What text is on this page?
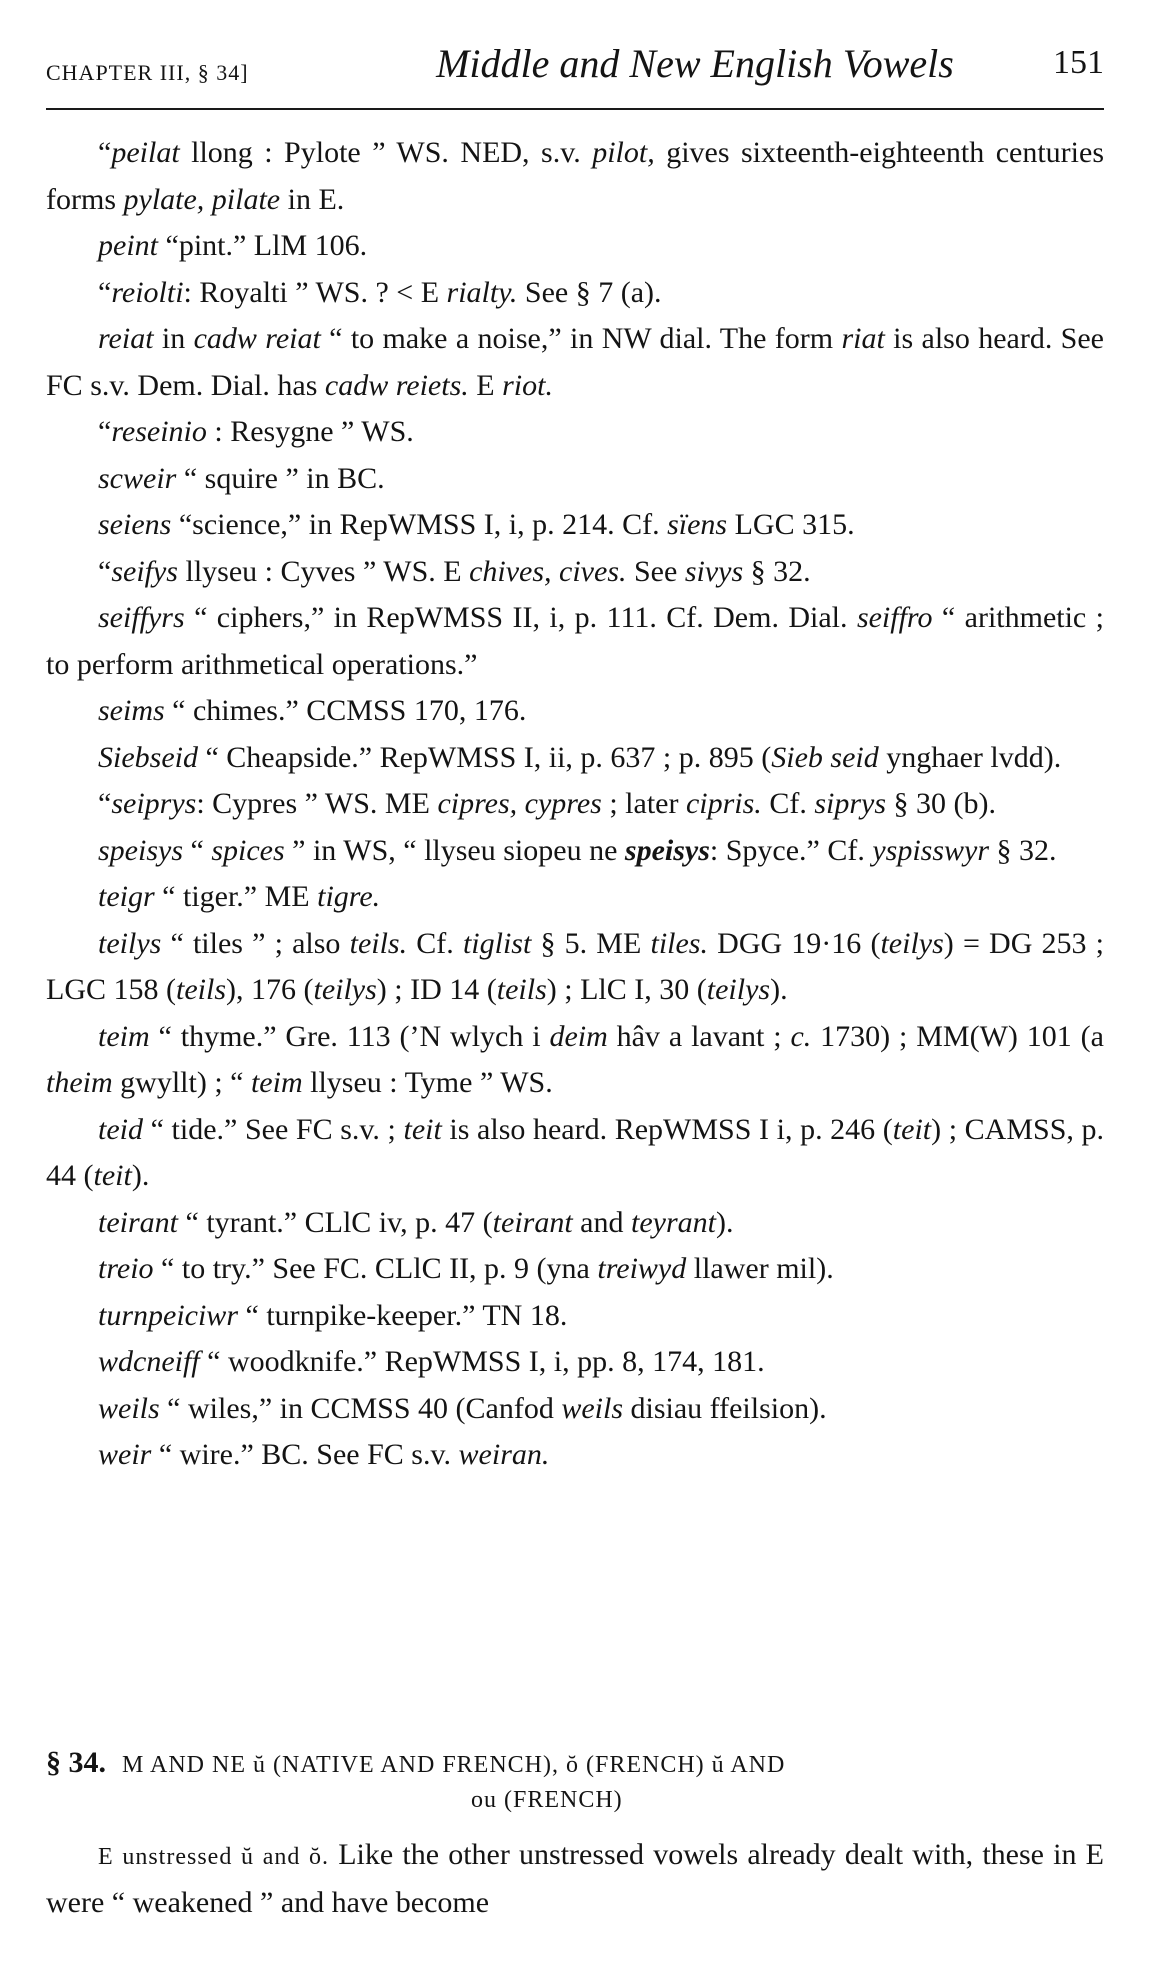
CHAPTER III, § 34]	Middle and New English Vowels	151

“peilat llong : Pylote ” WS. NED, s.v. pilot, gives sixteenth-eighteenth centuries forms pylate, pilate in E.

peint “pint.” LlM 106.

“reiolti: Royalti ” WS. ? < E rialty. See § 7 (a).

reiat in cadw reiat “ to make a noise,” in NW dial. The form riat is also heard. See FC s.v. Dem. Dial. has cadw reiets. E riot.

“reseinio : Resygne ” WS.

scweir “ squire ” in BC.

seiens “science,” in RepWMSS I, i, p. 214. Cf. sïens LGC 315.

“seifys llyseu : Cyves ” WS. E chives, cives. See sivys § 32.

seiffyrs “ ciphers,” in RepWMSS II, i, p. 111. Cf. Dem. Dial. seiffro “ arithmetic ; to perform arithmetical operations.”

seims “ chimes.” CCMSS 170, 176.

Siebseid “ Cheapside.” RepWMSS I, ii, p. 637 ; p. 895 (Sieb seid ynghaer lvdd).

“seiprys: Cypres ” WS. ME cipres, cypres ; later cipris. Cf. siprys § 30 (b).

speisys “ spices ” in WS, “ llyseu siopeu ne speisys: Spyce.” Cf. yspisswyr § 32.

teigr “ tiger.” ME tigre.

teilys “ tiles ” ; also teils. Cf. tiglist § 5. ME tiles. DGG 19·16 (teilys) = DG 253 ; LGC 158 (teils), 176 (teilys) ; ID 14 (teils) ; LlC I, 30 (teilys).

teim “ thyme.” Gre. 113 (’N wlych i deim hâv a lavant ; c. 1730) ; MM(W) 101 (a theim gwyllt) ; “ teim llyseu : Tyme ” WS.

teid “ tide.” See FC s.v. ; teit is also heard. RepWMSS I i, p. 246 (teit) ; CAMSS, p. 44 (teit).

teirant “ tyrant.” CLlC iv, p. 47 (teirant and teyrant).

treio “ to try.” See FC. CLlC II, p. 9 (yna treiwyd llawer mil).

turnpeiciwr “ turnpike-keeper.” TN 18.

wdcneiff “ woodknife.” RepWMSS I, i, pp. 8, 174, 181.

weils “ wiles,” in CCMSS 40 (Canfod weils disiau ffeilsion).

weir “ wire.” BC. See FC s.v. weiran.

§ 34. M AND NE ŭ (NATIVE AND FRENCH), ŏ (FRENCH) ŭ AND
ou (FRENCH)
E unstressed ŭ and ŏ. Like the other unstressed vowels already dealt with, these in E were “ weakened ” and have become
